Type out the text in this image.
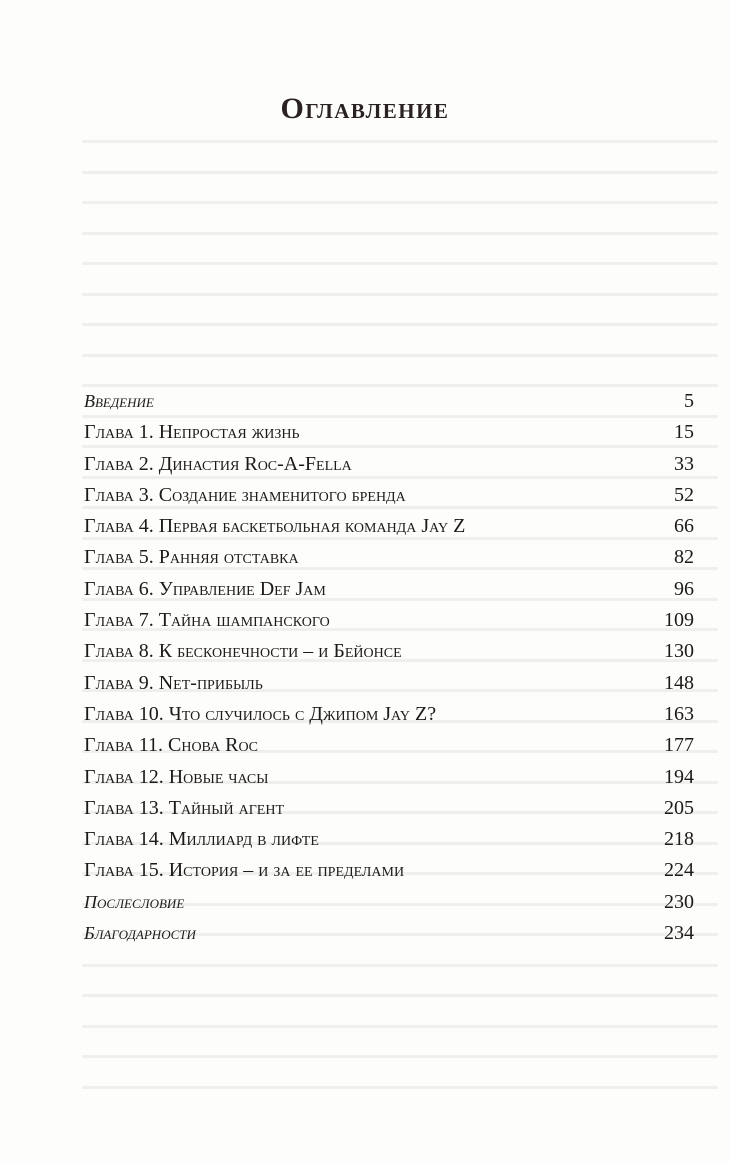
Оглавление
Введение	5
Глава 1. Непростая жизнь	15
Глава 2. Династия Roc-A-Fella	33
Глава 3. Создание знаменитого бренда	52
Глава 4. Первая баскетбольная команда Jay Z	66
Глава 5. Ранняя отставка	82
Глава 6. Управление Def Jam	96
Глава 7. Тайна шампанского	109
Глава 8. К бесконечности – и Бейонсе	130
Глава 9. Net-прибыль	148
Глава 10. Что случилось с Джипом Jay Z?	163
Глава 11. Снова Roc	177
Глава 12. Новые часы	194
Глава 13. Тайный агент	205
Глава 14. Миллиард в лифте	218
Глава 15. История – и за ее пределами	224
Послесловие	230
Благодарности	234
